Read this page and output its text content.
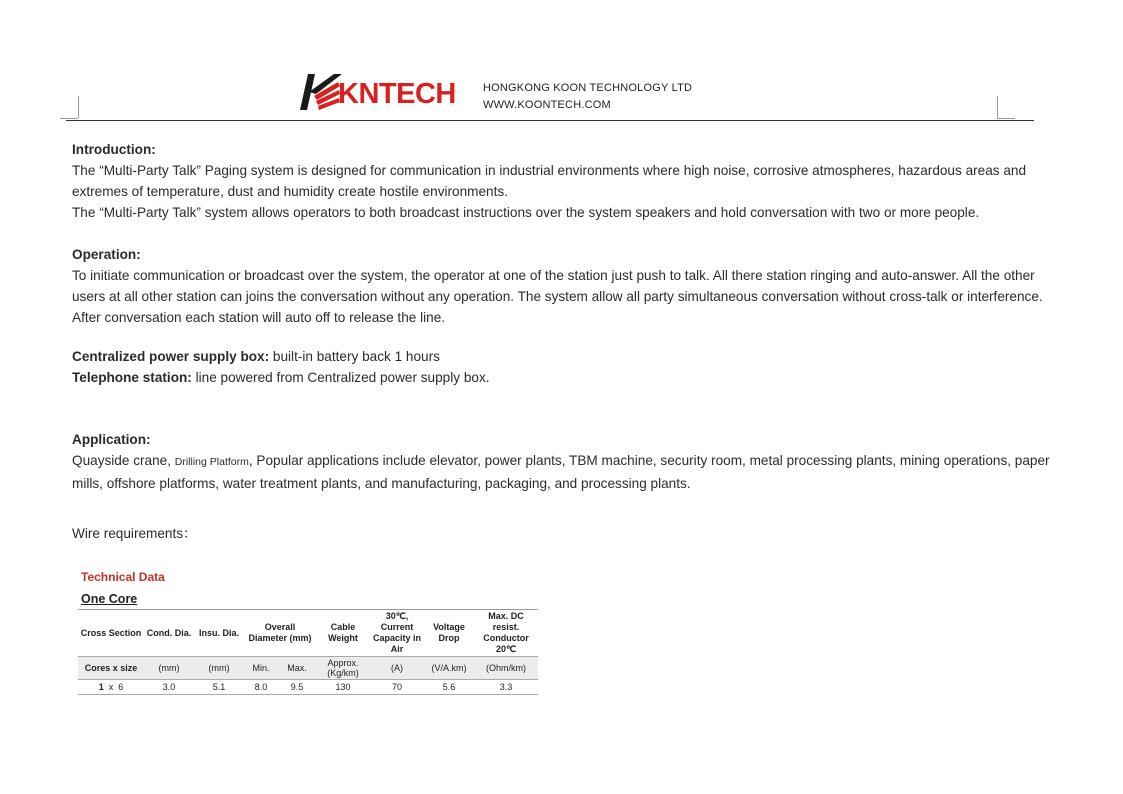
KNTECH HONGKONG KOON TECHNOLOGY LTD
WWW.KOONTECH.COM

Introduction:

The “Multi-Party Talk” Paging system is designed for communication in industrial environments where high noise, corrosive atmospheres, hazardous areas and extremes of temperature, dust and humidity create hostile environments.

The “Multi-Party Talk” system allows operators to both broadcast instructions over the system speakers and hold conversation with two or more people.

Operation:

To initiate communication or broadcast over the system, the operator at one of the station just push to talk. All there station ringing and auto-answer. All the other users at all other station can joins the conversation without any operation. The system allow all party simultaneous conversation without cross-talk or interference. After conversation each station will auto off to release the line.

Centralized power supply box: built-in battery back 1 hours

Telephone station: line powered from Centralized power supply box.

Application:

Quayside crane, Drilling Platform, Popular applications include elevator, power plants, TBM machine, security room, metal processing plants, mining operations, paper mills, offshore platforms, water treatment plants, and manufacturing, packaging, and processing plants.

Wire requirements：
Technical Data
One Core
Cross Section	Cond. Dia.	Insu. Dia.	Overall Diameter (mm)		Cable Weight	30℃, Current Capacity in Air	Voltage Drop	Max. DC resist. Conductor 20℃
Cores x size	(mm)	(mm)	Min.	Max.	Approx. (Kg/km)	(A)	(V/A.km)	(Ohm/km)
1 x 6	3.0	5.1	8.0	9.5	130	70	5.6	3.3
